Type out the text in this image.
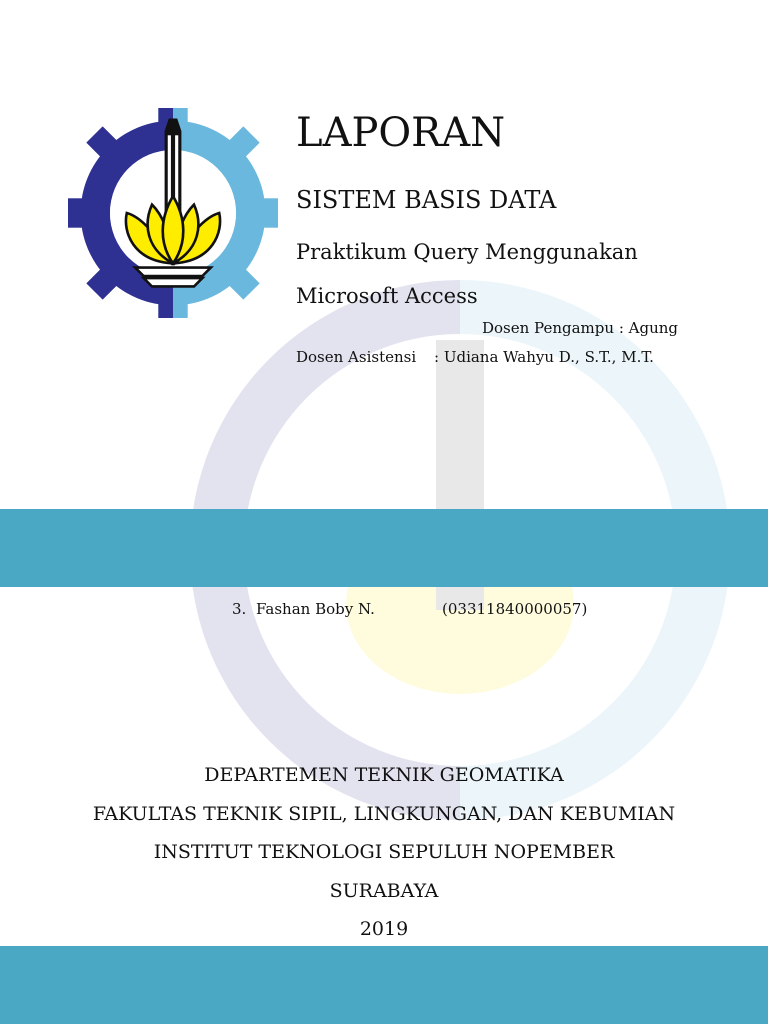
LAPORAN
SISTEM BASIS DATA
Praktikum Query Menggunakan
Microsoft Access
Dosen Pengampu : Agung
Dosen Asistensi : Udiana Wahyu D., S.T., M.T.
3. Fashan Boby N.	(03311840000057)
DEPARTEMEN TEKNIK GEOMATIKA
FAKULTAS TEKNIK SIPIL, LINGKUNGAN, DAN KEBUMIAN
INSTITUT TEKNOLOGI SEPULUH NOPEMBER
SURABAYA
2019
